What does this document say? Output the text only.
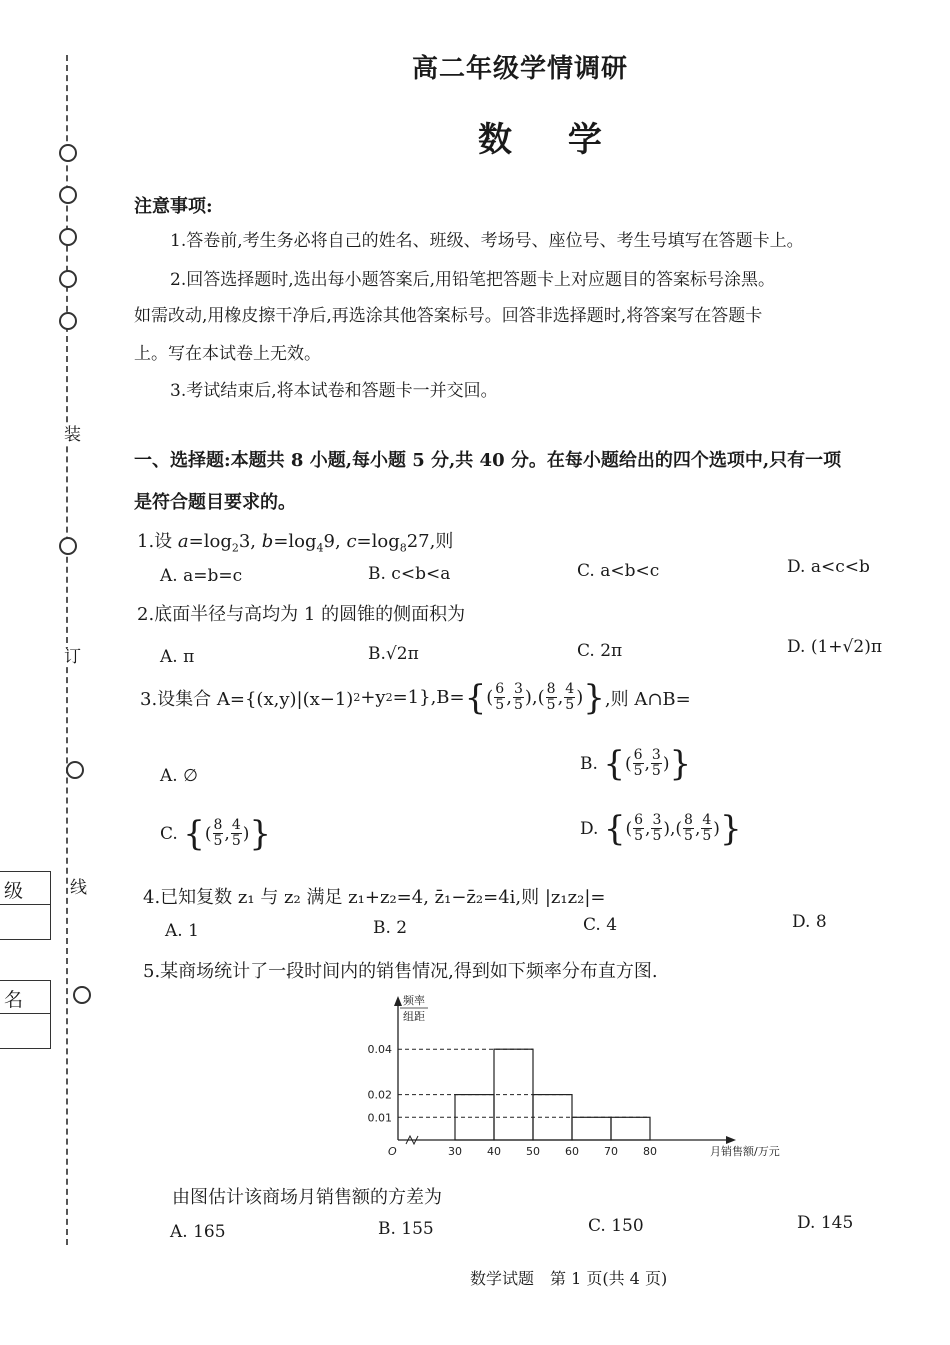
装
订
线
级
名
高二年级学情调研
数 学
注意事项:
1.答卷前,考生务必将自己的姓名、班级、考场号、座位号、考生号填写在答题卡上。
2.回答选择题时,选出每小题答案后,用铅笔把答题卡上对应题目的答案标号涂黑。
如需改动,用橡皮擦干净后,再选涂其他答案标号。回答非选择题时,将答案写在答题卡
上。写在本试卷上无效。
3.考试结束后,将本试卷和答题卡一并交回。
一、选择题:本题共 8 小题,每小题 5 分,共 40 分。在每小题给出的四个选项中,只有一项
是符合题目要求的。
1.设 $a=\log_23$, $b=\log_49$, $c=\log_827$,则
A. a=b=c	B. c<b<a	C. a<b<c	D. a<c<b
2.底面半径与高均为 1 的圆锥的侧面积为
A. π	B.√2π	C. 2π	D. (1+√2)π
3.设集合 A={(x,y)|(x−1) 2 +y 2 =1},B= { ( $\frac{6}{5}$ , $\frac{3}{5}$ ),( $\frac{8}{5}$ , $\frac{4}{5}$ ) } ,则 A∩B=
A. ∅
B.
{ ( $\frac{6}{5}$ , $\frac{3}{5}$ ) }
C.
{ ( $\frac{8}{5}$ , $\frac{4}{5}$ ) }	D.
{ ( $\frac{6}{5}$ , $\frac{3}{5}$ ),( $\frac{8}{5}$ , $\frac{4}{5}$ ) }
4.已知复数 z₁ 与 z₂ 满足 z₁+z₂=4, z̄₁−z̄₂=4i,则 |z₁z₂|=
A. 1	B. 2	C. 4	D. 8
5.某商场统计了一段时间内的销售情况,得到如下频率分布直方图.
0.04
0.02
0.01
30 40 50 60 70 80
O
频率
组距
月销售额/万元
由图估计该商场月销售额的方差为
A. 165	B. 155	C. 150	D. 145
数学试题　第 1 页(共 4 页)
